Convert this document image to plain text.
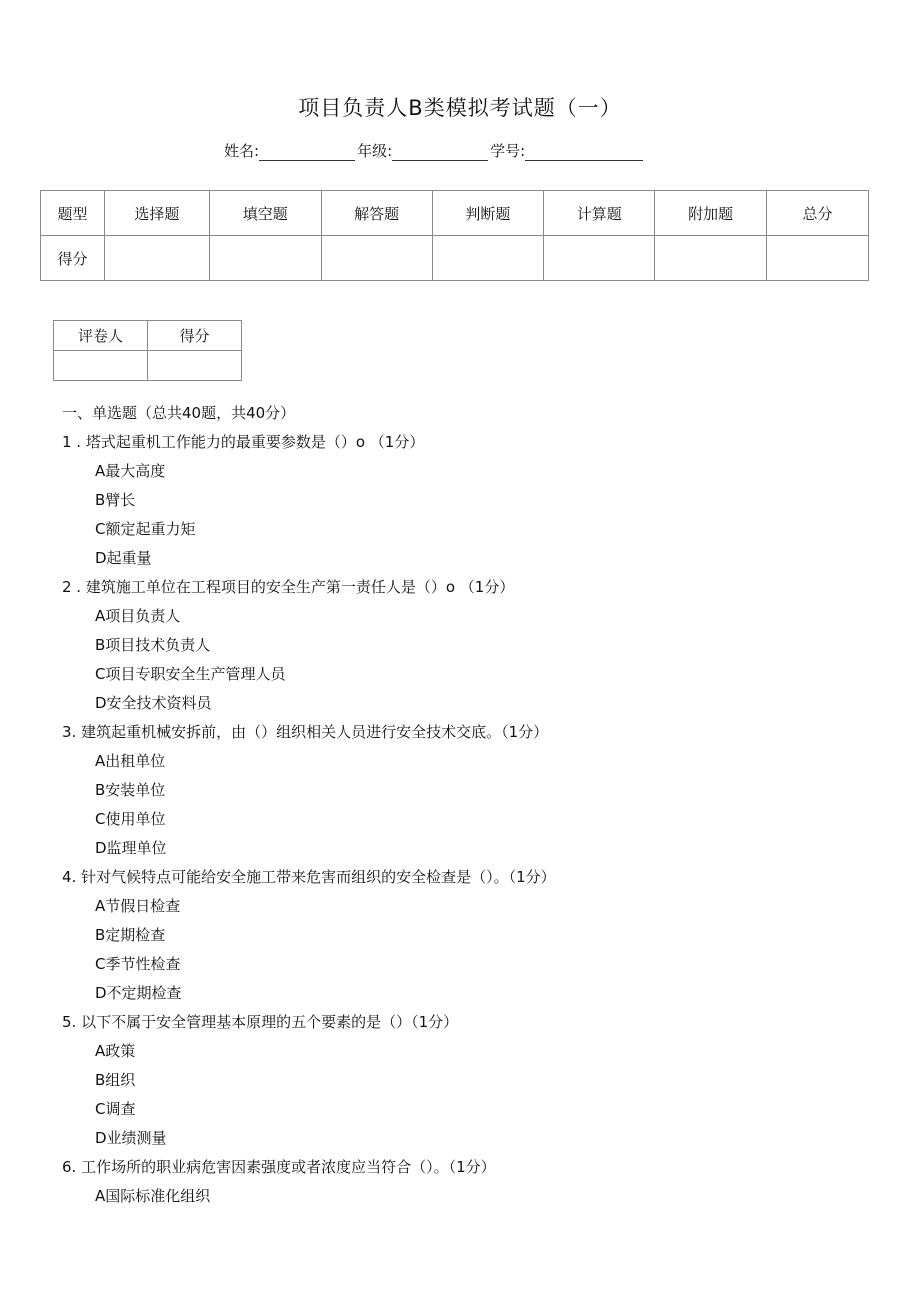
项目负责人B类模拟考试题（一）
姓名:	年级:	学号:
题型	选择题	填空题	解答题	判断题	计算题	附加题	总分
得分							
评卷人	得分

一、单选题（总共40题，共40分）
1 . 塔式起重机工作能力的最重要参数是（）o （1分）
A最大高度
B臂长
C额定起重力矩
D起重量
2 . 建筑施工单位在工程项目的安全生产第一责任人是（）o （1分）
A项目负责人
B项目技术负责人
C项目专职安全生产管理人员
D安全技术资料员
3. 建筑起重机械安拆前，由（）组织相关人员进行安全技术交底。（1分）
A出租单位
B安装单位
C使用单位
D监理单位
4. 针对气候特点可能给安全施工带来危害而组织的安全检查是（）。（1分）
A节假日检查
B定期检查
C季节性检查
D不定期检查
5. 以下不属于安全管理基本原理的五个要素的是（）（1分）
A政策
B组织
C调查
D业绩测量
6. 工作场所的职业病危害因素强度或者浓度应当符合（）。（1分）
A国际标准化组织
